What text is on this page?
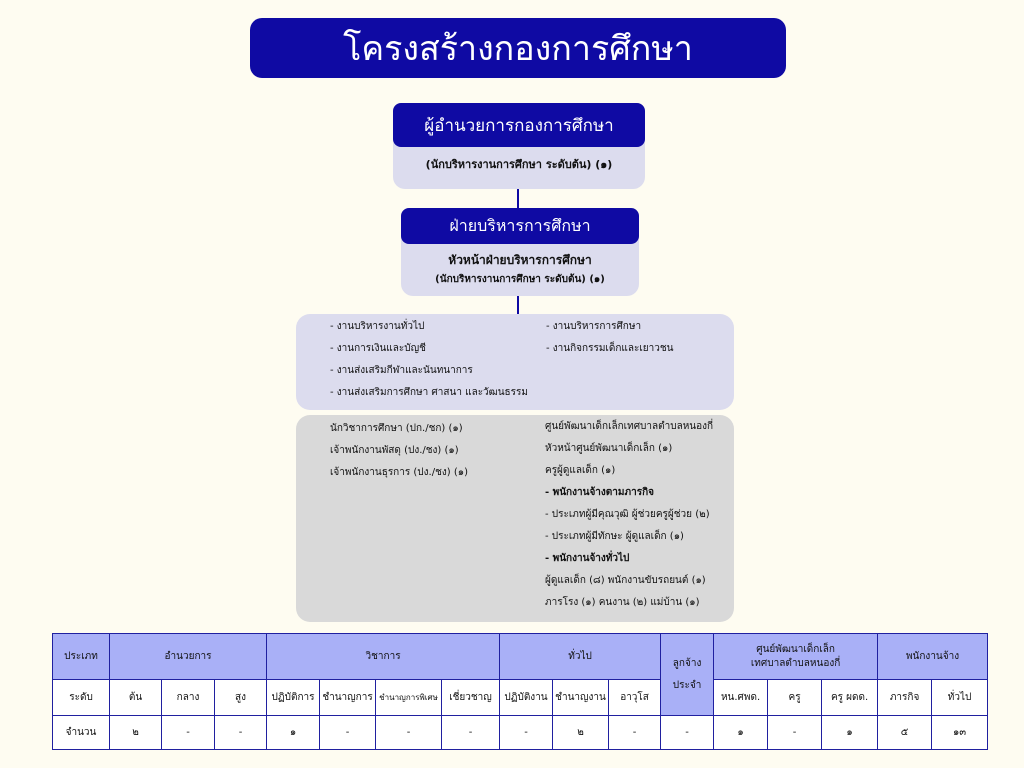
โครงสร้างกองการศึกษา
ผู้อำนวยการกองการศึกษา
(นักบริหารงานการศึกษา ระดับต้น) (๑)
ฝ่ายบริหารการศึกษา
หัวหน้าฝ่ายบริหารการศึกษา
(นักบริหารงานการศึกษา ระดับต้น) (๑)
- งานบริหารงานทั่วไป
- งานการเงินและบัญชี
- งานส่งเสริมกีฬาและนันทนาการ
- งานส่งเสริมการศึกษา ศาสนา และวัฒนธรรม
- งานบริหารการศึกษา
- งานกิจกรรมเด็กและเยาวชน
นักวิชาการศึกษา (ปก./ชก) (๑)
เจ้าพนักงานพัสดุ (ปง./ชง) (๑)
เจ้าพนักงานธุรการ (ปง./ชง) (๑)
ศูนย์พัฒนาเด็กเล็กเทศบาลตำบลหนองกี่
หัวหน้าศูนย์พัฒนาเด็กเล็ก (๑)
ครูผู้ดูแลเด็ก (๑)
- พนักงานจ้างตามภารกิจ
- ประเภทผู้มีคุณวุฒิ ผู้ช่วยครูผู้ช่วย (๒)
- ประเภทผู้มีทักษะ ผู้ดูแลเด็ก (๑)
- พนักงานจ้างทั่วไป
ผู้ดูแลเด็ก (๘) พนักงานขับรถยนต์ (๑)
ภารโรง (๑) คนงาน (๒) แม่บ้าน (๑)
ประเภท	อำนวยการ			วิชาการ				ทั่วไป			ลูกจ้างประจำ	ศูนย์พัฒนาเด็กเล็ก
เทศบาลตำบลหนองกี่			พนักงานจ้าง	
ระดับ	ต้น	กลาง	สูง	ปฏิบัติการ	ชำนาญการ	ชำนาญการพิเศษ	เชี่ยวชาญ	ปฏิบัติงาน	ชำนาญงาน	อาวุโส		หน.ศพด.	ครู	ครู ผดด.	ภารกิจ	ทั่วไป
จำนวน	๒	-	-	๑	-	-	-	-	๒	-	-	๑	-	๑	๕	๑๓
